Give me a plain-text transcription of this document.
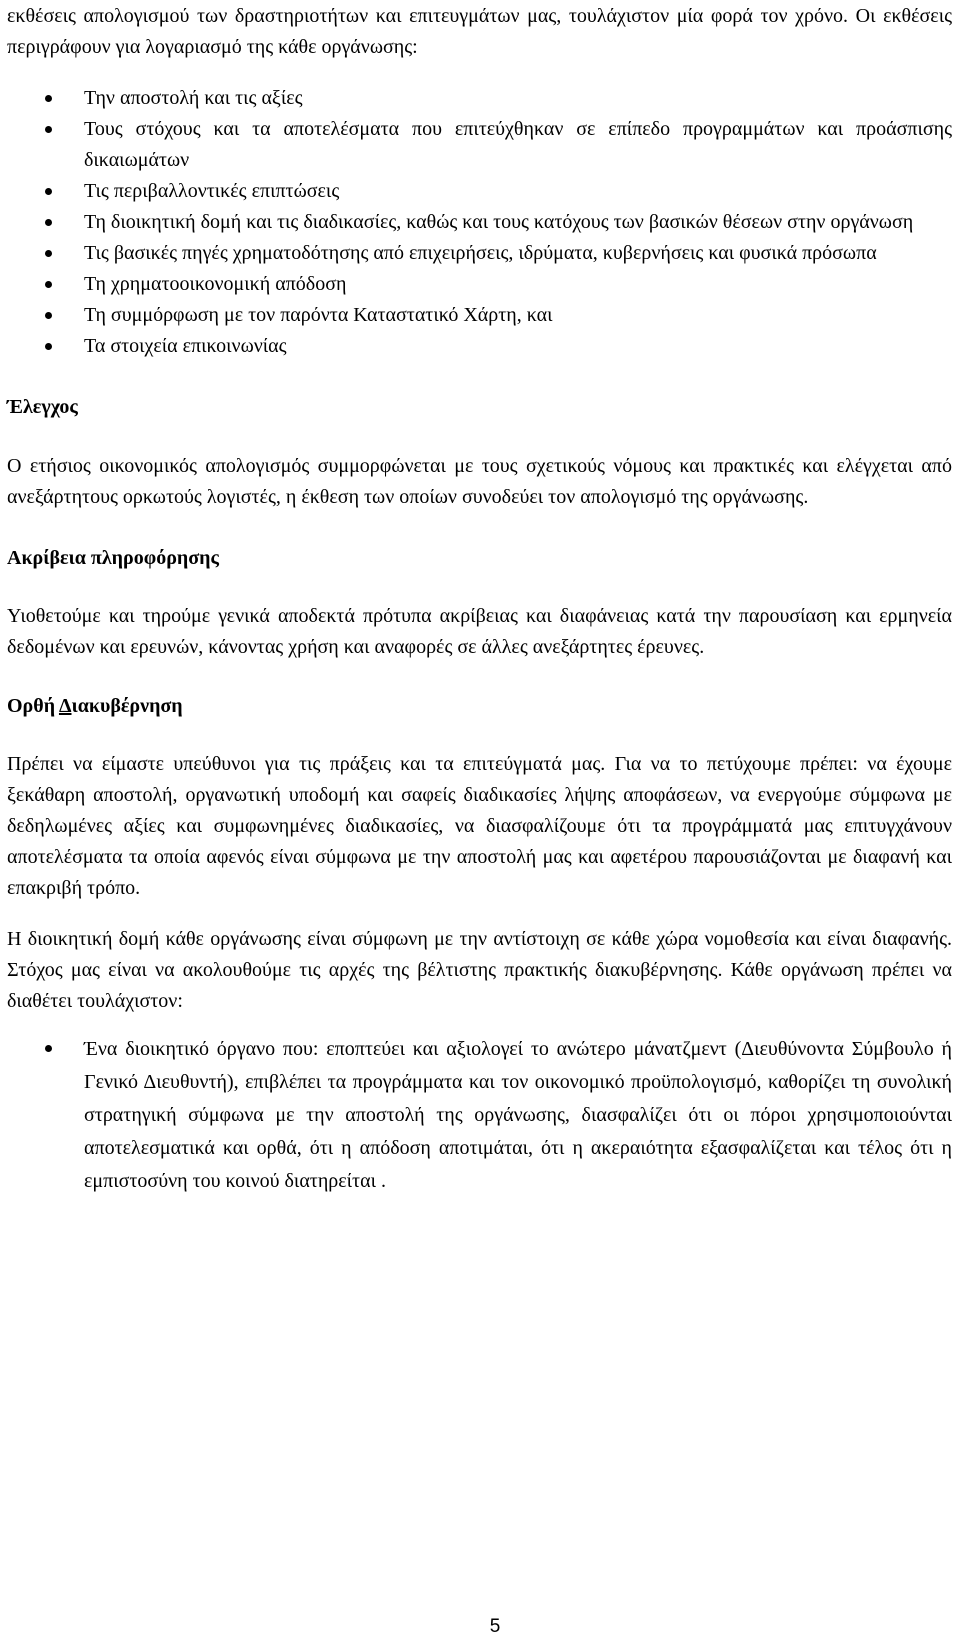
εκθέσεις απολογισμού των δραστηριοτήτων και επιτευγμάτων μας, τουλάχιστον μία φορά τον χρόνο. Οι εκθέσεις περιγράφουν για λογαριασμό της κάθε οργάνωσης:

Την αποστολή και τις αξίες
Τους στόχους και τα αποτελέσματα που επιτεύχθηκαν σε επίπεδο προγραμμάτων και προάσπισης δικαιωμάτων
Τις περιβαλλοντικές επιπτώσεις
Τη διοικητική δομή και τις διαδικασίες, καθώς και τους κατόχους των βασικών θέσεων στην οργάνωση
Τις βασικές πηγές χρηματοδότησης από επιχειρήσεις, ιδρύματα, κυβερνήσεις και φυσικά πρόσωπα
Τη χρηματοοικονομική απόδοση
Τη συμμόρφωση με τον παρόντα Καταστατικό Χάρτη, και
Τα στοιχεία επικοινωνίας
Έλεγχος

Ο ετήσιος οικονομικός απολογισμός συμμορφώνεται με τους σχετικούς νόμους και πρακτικές και ελέγχεται από ανεξάρτητους ορκωτούς λογιστές, η έκθεση των οποίων συνοδεύει τον απολογισμό της οργάνωσης.

Ακρίβεια πληροφόρησης

Υιοθετούμε και τηρούμε γενικά αποδεκτά πρότυπα ακρίβειας και διαφάνειας κατά την παρουσίαση και ερμηνεία δεδομένων και ερευνών, κάνοντας χρήση και αναφορές σε άλλες ανεξάρτητες έρευνες.

Ορθή Διακυβέρνηση

Πρέπει να είμαστε υπεύθυνοι για τις πράξεις και τα επιτεύγματά μας. Για να το πετύχουμε πρέπει: να έχουμε ξεκάθαρη αποστολή, οργανωτική υποδομή και σαφείς διαδικασίες λήψης αποφάσεων, να ενεργούμε σύμφωνα με δεδηλωμένες αξίες και συμφωνημένες διαδικασίες, να διασφαλίζουμε ότι τα προγράμματά μας επιτυγχάνουν αποτελέσματα τα οποία αφενός είναι σύμφωνα με την αποστολή μας και αφετέρου παρουσιάζονται με διαφανή και επακριβή τρόπο.

Η διοικητική δομή κάθε οργάνωσης είναι σύμφωνη με την αντίστοιχη σε κάθε χώρα νομοθεσία και είναι διαφανής. Στόχος μας είναι να ακολουθούμε τις αρχές της βέλτιστης πρακτικής διακυβέρνησης. Κάθε οργάνωση πρέπει να διαθέτει τουλάχιστον:

Ένα διοικητικό όργανο που: εποπτεύει και αξιολογεί το ανώτερο μάνατζμεντ (Διευθύνοντα Σύμβουλο ή Γενικό Διευθυντή), επιβλέπει τα προγράμματα και τον οικονομικό προϋπολογισμό, καθορίζει τη συνολική στρατηγική σύμφωνα με την αποστολή της οργάνωσης, διασφαλίζει ότι οι πόροι χρησιμοποιούνται αποτελεσματικά και ορθά, ότι η απόδοση αποτιμάται, ότι η ακεραιότητα εξασφαλίζεται και τέλος ότι η εμπιστοσύνη του κοινού διατηρείται .
5
